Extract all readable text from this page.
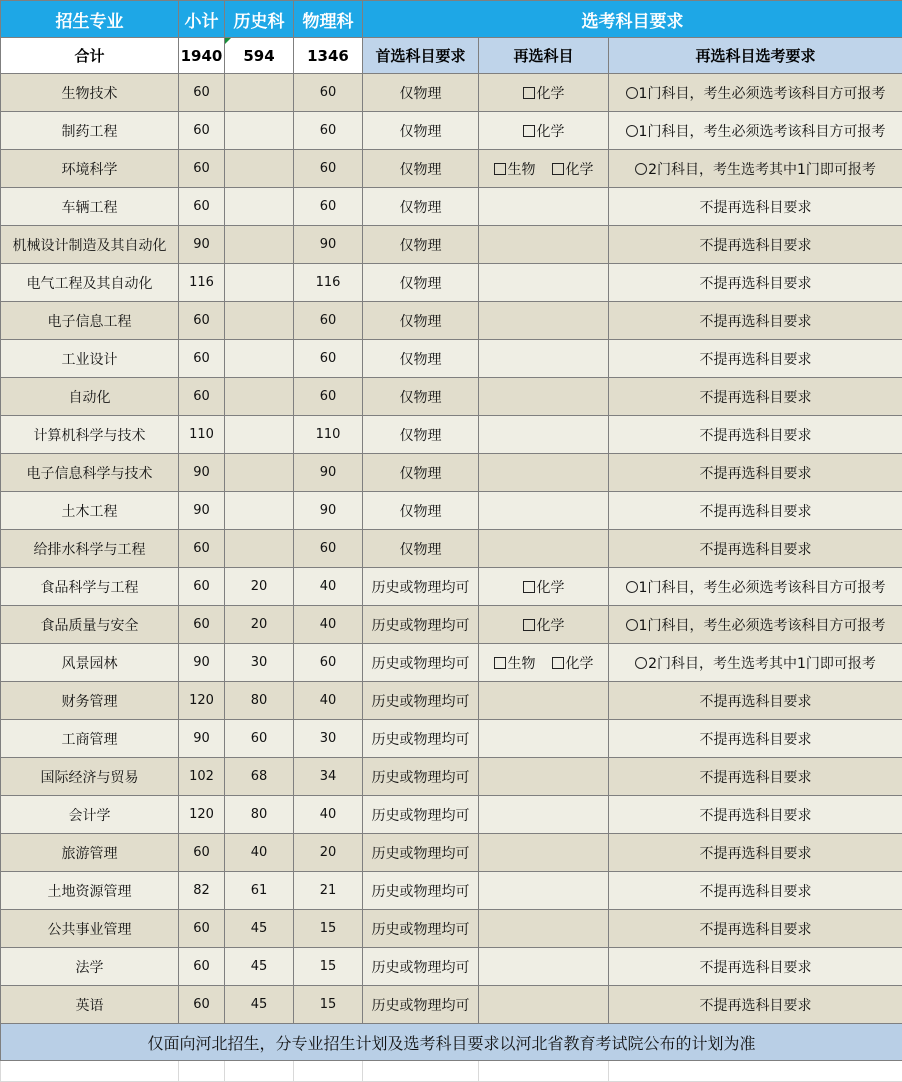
招生专业	小计	历史科	物理科	选考科目要求		
合计	1940	594	1346	首选科目要求	再选科目	再选科目选考要求
生物技术	60		60	仅物理	化学	1门科目，考生必须选考该科目方可报考
制药工程	60		60	仅物理	化学	1门科目，考生必须选考该科目方可报考
环境科学	60		60	仅物理	生物 化学	2门科目，考生选考其中1门即可报考
车辆工程	60		60	仅物理		不提再选科目要求
机械设计制造及其自动化	90		90	仅物理		不提再选科目要求
电气工程及其自动化	116		116	仅物理		不提再选科目要求
电子信息工程	60		60	仅物理		不提再选科目要求
工业设计	60		60	仅物理		不提再选科目要求
自动化	60		60	仅物理		不提再选科目要求
计算机科学与技术	110		110	仅物理		不提再选科目要求
电子信息科学与技术	90		90	仅物理		不提再选科目要求
土木工程	90		90	仅物理		不提再选科目要求
给排水科学与工程	60		60	仅物理		不提再选科目要求
食品科学与工程	60	20	40	历史或物理均可	化学	1门科目，考生必须选考该科目方可报考
食品质量与安全	60	20	40	历史或物理均可	化学	1门科目，考生必须选考该科目方可报考
风景园林	90	30	60	历史或物理均可	生物 化学	2门科目，考生选考其中1门即可报考
财务管理	120	80	40	历史或物理均可		不提再选科目要求
工商管理	90	60	30	历史或物理均可		不提再选科目要求
国际经济与贸易	102	68	34	历史或物理均可		不提再选科目要求
会计学	120	80	40	历史或物理均可		不提再选科目要求
旅游管理	60	40	20	历史或物理均可		不提再选科目要求
土地资源管理	82	61	21	历史或物理均可		不提再选科目要求
公共事业管理	60	45	15	历史或物理均可		不提再选科目要求
法学	60	45	15	历史或物理均可		不提再选科目要求
英语	60	45	15	历史或物理均可		不提再选科目要求
仅面向河北招生，分专业招生计划及选考科目要求以河北省教育考试院公布的计划为准						
